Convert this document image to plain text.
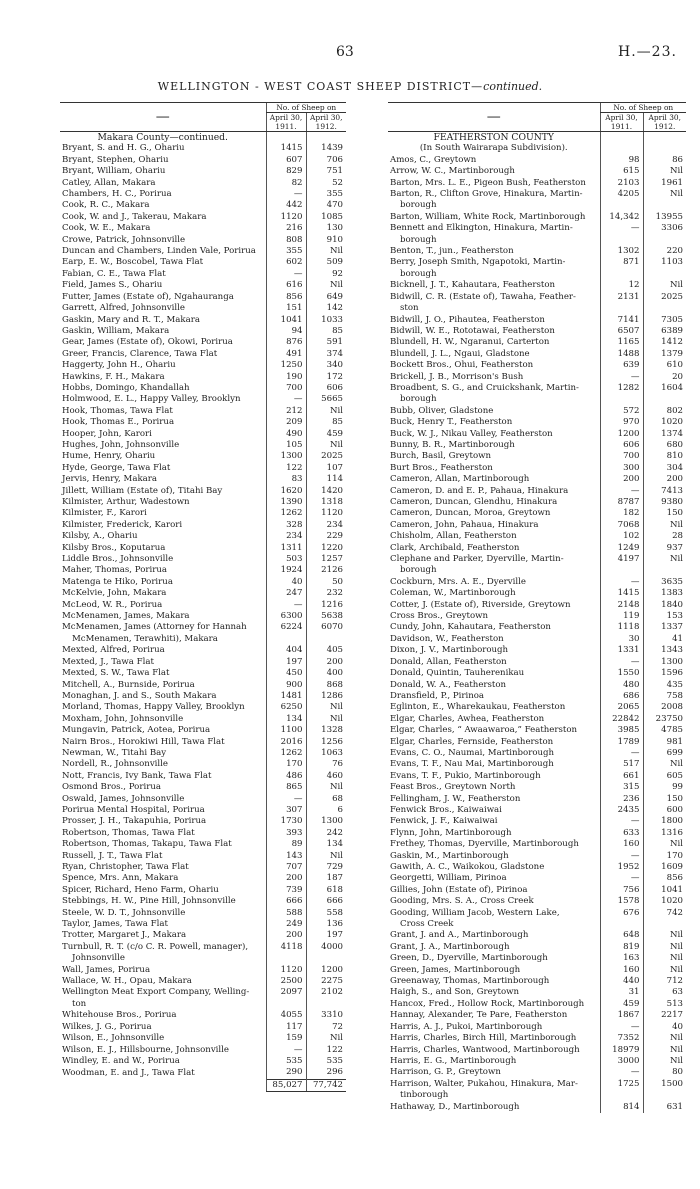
63	H.—23.
WELLINGTON - WEST COAST SHEEP DISTRICT—continued.
—	No. of Sheep on	
	April 30, 1911.	April 30, 1912.
Makara County—continued.		
Bryant, S. and H. G., Ohariu	1415	1439
Bryant, Stephen, Ohariu	607	706
Bryant, William, Ohariu	829	751
Catley, Allan, Makara	82	52
Chambers, H. C., Porirua	—	355
Cook, R. C., Makara	442	470
Cook, W. and J., Takerau, Makara	1120	1085
Cook, W. E., Makara	216	130
Crowe, Patrick, Johnsonville	808	910
Duncan and Chambers, Linden Vale, Porirua	355	Nil
Earp, E. W., Boscobel, Tawa Flat	602	509
Fabian, C. E., Tawa Flat	—	92
Field, James S., Ohariu	616	Nil
Futter, James (Estate of), Ngahauranga	856	649
Garrett, Alfred, Johnsonville	151	142
Gaskin, Mary and R. T., Makara	1041	1033
Gaskin, William, Makara	94	85
Gear, James (Estate of), Okowi, Porirua	876	591
Greer, Francis, Clarence, Tawa Flat	491	374
Haggerty, John H., Ohariu	1250	340
Hawkins, F. H., Makara	190	172
Hobbs, Domingo, Khandallah	700	606
Holmwood, E. L., Happy Valley, Brooklyn	—	5665
Hook, Thomas, Tawa Flat	212	Nil
Hook, Thomas E., Porirua	209	85
Hooper, John, Karori	490	459
Hughes, John, Johnsonville	105	Nil
Hume, Henry, Ohariu	1300	2025
Hyde, George, Tawa Flat	122	107
Jervis, Henry, Makara	83	114
Jillett, William (Estate of), Titahi Bay	1620	1420
Kilmister, Arthur, Wadestown	1390	1318
Kilmister, F., Karori	1262	1120
Kilmister, Frederick, Karori	328	234
Kilsby, A., Ohariu	234	229
Kilsby Bros., Koputarua	1311	1220
Liddle Bros., Johnsonville	503	1257
Maher, Thomas, Porirua	1924	2126
Matenga te Hiko, Porirua	40	50
McKelvie, John, Makara	247	232
McLeod, W. R., Porirua	—	1216
McMenamen, James, Makara	6300	5638
McMenamen, James (Attorney for Hannah	6224	6070
McMenamen, Terawhiti), Makara		
Mexted, Alfred, Porirua	404	405
Mexted, J., Tawa Flat	197	200
Mexted, S. W., Tawa Flat	450	400
Mitchell, A., Burnside, Porirua	900	868
Monaghan, J. and S., South Makara	1481	1286
Morland, Thomas, Happy Valley, Brooklyn	6250	Nil
Moxham, John, Johnsonville	134	Nil
Mungavin, Patrick, Aotea, Porirua	1100	1328
Nairn Bros., Horokiwi Hill, Tawa Flat	2016	1256
Newman, W., Titahi Bay	1262	1063
Nordell, R., Johnsonville	170	76
Nott, Francis, Ivy Bank, Tawa Flat	486	460
Osmond Bros., Porirua	865	Nil
Oswald, James, Johnsonville	—	68
Porirua Mental Hospital, Porirua	307	6
Prosser, J. H., Takapuhia, Porirua	1730	1300
Robertson, Thomas, Tawa Flat	393	242
Robertson, Thomas, Takapu, Tawa Flat	89	134
Russell, J. T., Tawa Flat	143	Nil
Ryan, Christopher, Tawa Flat	707	729
Spence, Mrs. Ann, Makara	200	187
Spicer, Richard, Heno Farm, Ohariu	739	618
Stebbings, H. W., Pine Hill, Johnsonville	666	666
Steele, W. D. T., Johnsonville	588	558
Taylor, James, Tawa Flat	249	136
Trotter, Margaret J., Makara	200	197
Turnbull, R. T. (c/o C. R. Powell, manager),	4118	4000
Johnsonville		
Wall, James, Porirua	1120	1200
Wallace, W. H., Opau, Makara	2500	2275
Wellington Meat Export Company, Welling-	2097	2102
ton		
Whitehouse Bros., Porirua	4055	3310
Wilkes, J. G., Porirua	117	72
Wilson, E., Johnsonville	159	Nil
Wilson, E. J., Hillsbourne, Johnsonville	—	122
Windley, E. and W., Porirua	535	535
Woodman, E. and J., Tawa Flat	290	296
	85,027	77,742
—	No. of Sheep on	
	April 30, 1911.	April 30, 1912.
FEATHERSTON COUNTY		
(In South Wairarapa Subdivision).		
Amos, C., Greytown	98	86
Arrow, W. C., Martinborough	615	Nil
Barton, Mrs. L. E., Pigeon Bush, Featherston	2103	1961
Barton, R., Clifton Grove, Hinakura, Martin-	4205	Nil
borough		
Barton, William, White Rock, Martinborough	14,342	13955
Bennett and Elkington, Hinakura, Martin-	—	3306
borough		
Benton, T., jun., Featherston	1302	220
Berry, Joseph Smith, Ngapotoki, Martin-	871	1103
borough		
Bicknell, J. T., Kahautara, Featherston	12	Nil
Bidwill, C. R. (Estate of), Tawaha, Feather-	2131	2025
ston		
Bidwill, J. O., Pihautea, Featherston	7141	7305
Bidwill, W. E., Rototawai, Featherston	6507	6389
Blundell, H. W., Ngaranui, Carterton	1165	1412
Blundell, J. L., Ngaui, Gladstone	1488	1379
Bockett Bros., Ohui, Featherston	639	610
Brickell, J. B., Morrison's Bush	—	20
Broadbent, S. G., and Cruickshank, Martin-	1282	1604
borough		
Bubb, Oliver, Gladstone	572	802
Buck, Henry T., Featherston	970	1020
Buck, W. J., Nikau Valley, Featherston	1200	1374
Bunny, B. R., Martinborough	606	680
Burch, Basil, Greytown	700	810
Burt Bros., Featherston	300	304
Cameron, Allan, Martinborough	200	200
Cameron, D. and E. P., Pahaua, Hinakura	—	7413
Cameron, Duncan, Glendhu, Hinakura	8787	9380
Cameron, Duncan, Moroa, Greytown	182	150
Cameron, John, Pahaua, Hinakura	7068	Nil
Chisholm, Allan, Featherston	102	28
Clark, Archibald, Featherston	1249	937
Clephane and Parker, Dyerville, Martin-	4197	Nil
borough		
Cockburn, Mrs. A. E., Dyerville	—	3635
Coleman, W., Martinborough	1415	1383
Cotter, J. (Estate of), Riverside, Greytown	2148	1840
Cross Bros., Greytown	119	153
Cundy, John, Kahautara, Featherston	1118	1337
Davidson, W., Featherston	30	41
Dixon, J. V., Martinborough	1331	1343
Donald, Allan, Featherston	—	1300
Donald, Quintin, Tauherenikau	1550	1596
Donald, W. A., Featherston	480	435
Dransfield, P., Pirinoa	686	758
Eglinton, E., Wharekaukau, Featherston	2065	2008
Elgar, Charles, Awhea, Featherston	22842	23750
Elgar, Charles, “ Awaawaroa,” Featherston	3985	4785
Elgar, Charles, Fernside, Featherston	1789	981
Evans, C. O., Naumai, Martinborough	—	699
Evans, T. F., Nau Mai, Martinborough	517	Nil
Evans, T. F., Pukio, Martinborough	661	605
Feast Bros., Greytown North	315	99
Fellingham, J. W., Featherston	236	150
Fenwick Bros., Kaiwaiwai	2435	600
Fenwick, J. F., Kaiwaiwai	—	1800
Flynn, John, Martinborough	633	1316
Frethey, Thomas, Dyerville, Martinborough	160	Nil
Gaskin, M., Martinborough	—	170
Gawith, A. C., Waikokou, Gladstone	1952	1609
Georgetti, William, Pirinoa	—	856
Gillies, John (Estate of), Pirinoa	756	1041
Gooding, Mrs. S. A., Cross Creek	1578	1020
Gooding, William Jacob, Western Lake,	676	742
Cross Creek		
Grant, J. and A., Martinborough	648	Nil
Grant, J. A., Martinborough	819	Nil
Green, D., Dyerville, Martinborough	163	Nil
Green, James, Martinborough	160	Nil
Greenaway, Thomas, Martinborough	440	712
Haigh, S., and Son, Greytown	31	63
Hancox, Fred., Hollow Rock, Martinborough	459	513
Hannay, Alexander, Te Pare, Featherston	1867	2217
Harris, A. J., Pukoi, Martinborough	—	40
Harris, Charles, Birch Hill, Martinborough	7352	Nil
Harris, Charles, Wantwood, Martinborough	18979	Nil
Harris, E. G., Martinborough	3000	Nil
Harrison, G. P., Greytown	—	80
Harrison, Walter, Pukahou, Hinakura, Mar-	1725	1500
tinborough		
Hathaway, D., Martinborough	814	631
